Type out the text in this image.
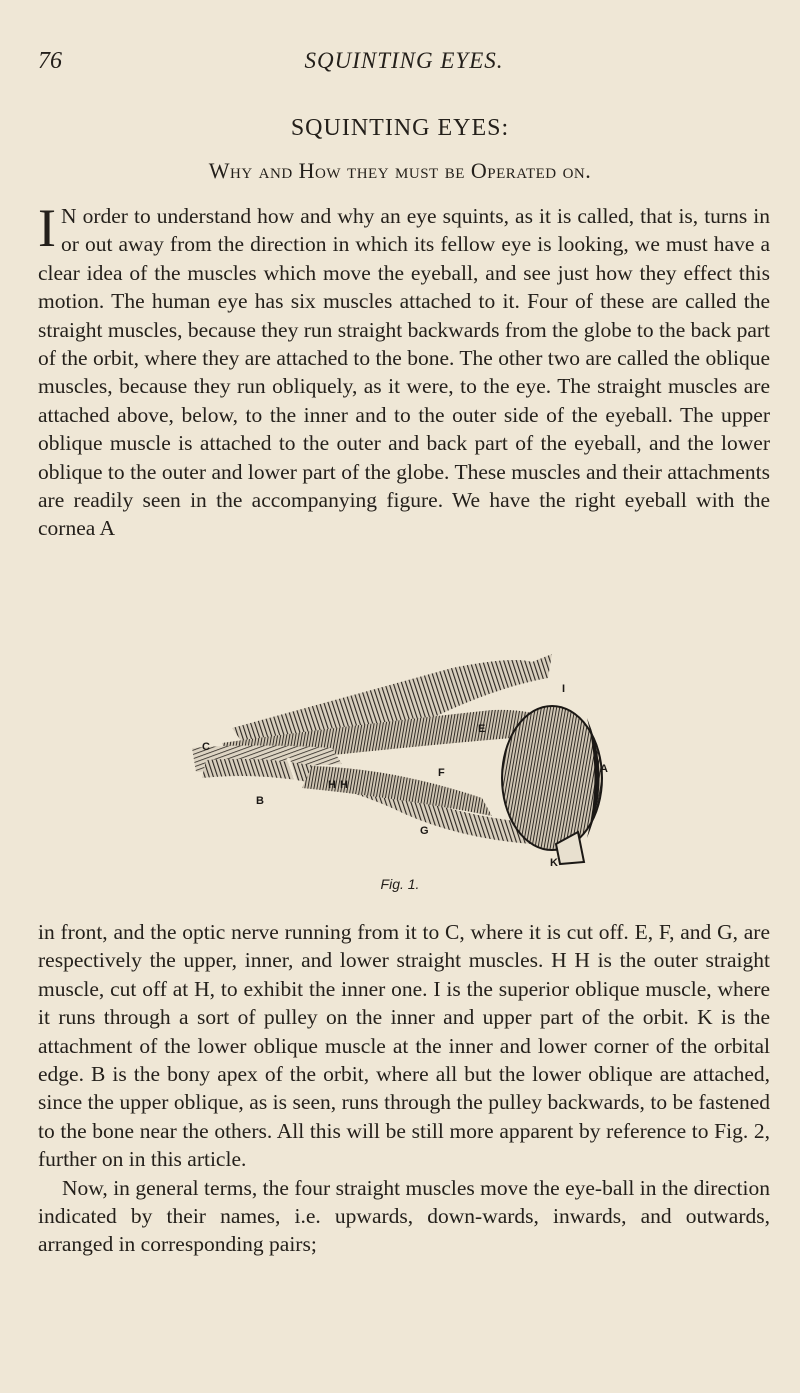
76	SQUINTING EYES.
SQUINTING EYES:
Why and How they must be Operated on.

I N order to understand how and why an eye squints, as it is called, that is, turns in or out away from the direction in which its fellow eye is looking, we must have a clear idea of the muscles which move the eyeball, and see just how they effect this motion. The human eye has six muscles attached to it. Four of these are called the straight muscles, because they run straight backwards from the globe to the back part of the orbit, where they are attached to the bone. The other two are called the oblique muscles, because they run obliquely, as it were, to the eye. The straight muscles are attached above, below, to the inner and to the outer side of the eyeball. The upper oblique muscle is attached to the outer and back part of the eyeball, and the lower oblique to the outer and lower part of the globe. These muscles and their attachments are readily seen in the accompanying figure. We have the right eyeball with the cornea A

I
C
E
A
H H
F
B
G
K
Fig. 1.

in front, and the optic nerve running from it to C, where it is cut off. E, F, and G, are respectively the upper, inner, and lower straight muscles. H H is the outer straight muscle, cut off at H, to exhibit the inner one. I is the superior oblique muscle, where it runs through a sort of pulley on the inner and upper part of the orbit. K is the attachment of the lower oblique muscle at the inner and lower corner of the orbital edge. B is the bony apex of the orbit, where all but the lower oblique are attached, since the upper oblique, as is seen, runs through the pulley backwards, to be fastened to the bone near the others. All this will be still more apparent by reference to Fig. 2, further on in this article.

Now, in general terms, the four straight muscles move the eye-ball in the direction indicated by their names, i.e. upwards, down-wards, inwards, and outwards, arranged in corresponding pairs;
